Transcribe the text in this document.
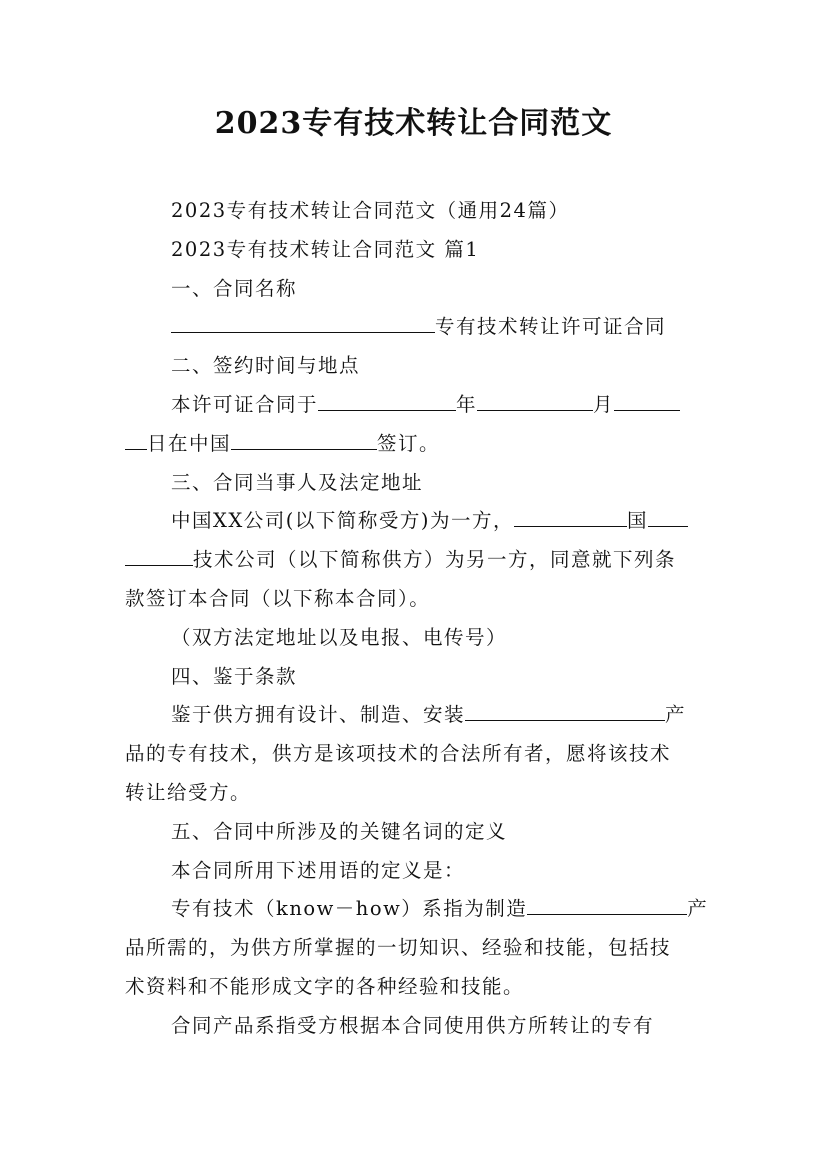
2023专有技术转让合同范文
2023专有技术转让合同范文（通用24篇）
2023专有技术转让合同范文 篇1
一、合同名称
专有技术转让许可证合同
二、签约时间与地点
本许可证合同于	年	月
日在中国	签订。
三、合同当事人及法定地址
中国XX公司(以下简称受方)为一方，	国
技术公司（以下简称供方）为另一方，同意就下列条
款签订本合同（以下称本合同）。
（双方法定地址以及电报、电传号）
四、鉴于条款
鉴于供方拥有设计、制造、安装	产
品的专有技术，供方是该项技术的合法所有者，愿将该技术
转让给受方。
五、合同中所涉及的关键名词的定义
本合同所用下述用语的定义是：
专有技术（know－how）系指为制造	产
品所需的，为供方所掌握的一切知识、经验和技能，包括技
术资料和不能形成文字的各种经验和技能。
合同产品系指受方根据本合同使用供方所转让的专有
